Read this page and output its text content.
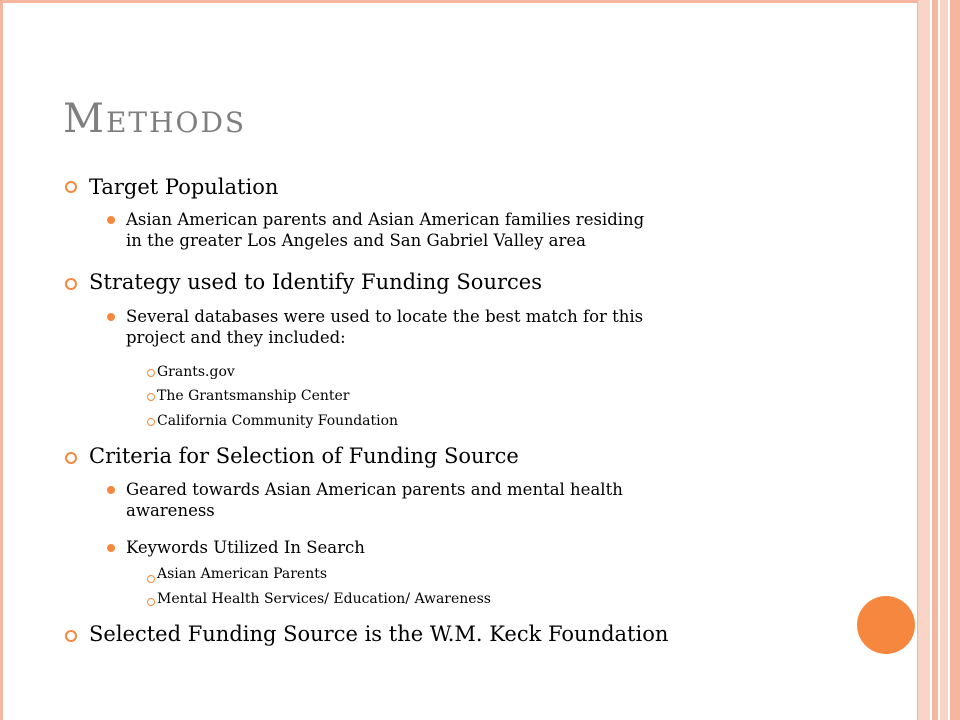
Methods
Target Population
Asian American parents and Asian American families residing
in the greater Los Angeles and San Gabriel Valley area
Strategy used to Identify Funding Sources
Several databases were used to locate the best match for this
project and they included:
Grants.gov
The Grantsmanship Center
California Community Foundation
Criteria for Selection of Funding Source
Geared towards Asian American parents and mental health
awareness
Keywords Utilized In Search
Asian American Parents
Mental Health Services/ Education/ Awareness
Selected Funding Source is the W.M. Keck Foundation
